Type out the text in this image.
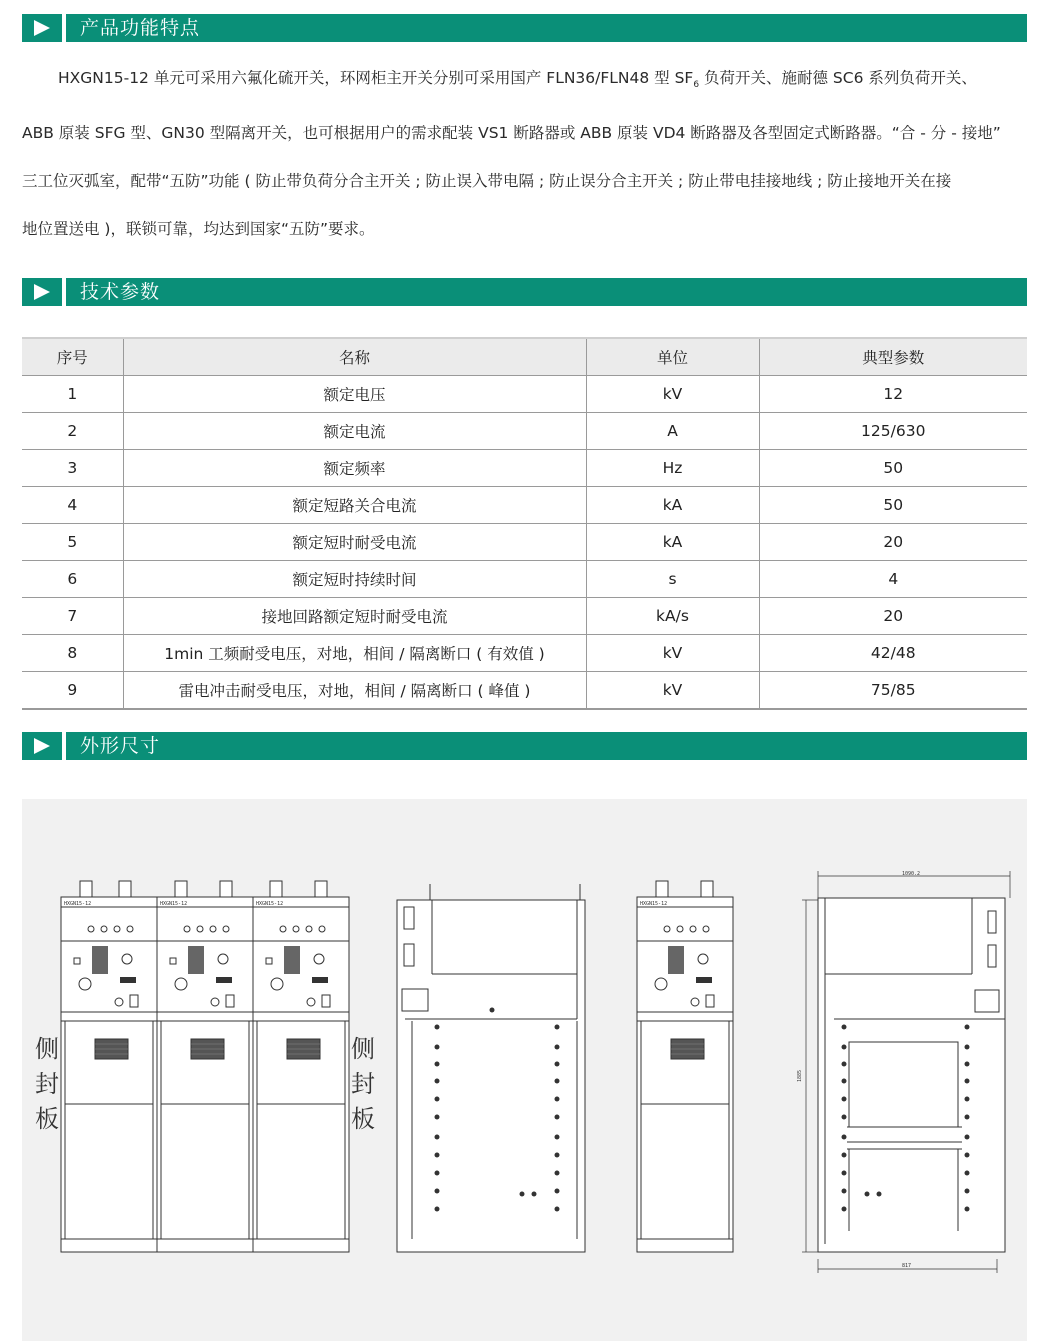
产品功能特点
HXGN15-12 单元可采用六氟化硫开关，环网柜主开关分别可采用国产 FLN36/FLN48 型 $SF_6$ 负荷开关、施耐德 SC6 系列负荷开关、
ABB 原装 SFG 型、GN30 型隔离开关，也可根据用户的需求配装 VS1 断路器或 ABB 原装 VD4 断路器及各型固定式断路器。“合 - 分 - 接地”
三工位灭弧室，配带“五防”功能 ( 防止带负荷分合主开关 ; 防止误入带电隔 ; 防止误分合主开关 ; 防止带电挂接地线 ; 防止接地开关在接
地位置送电 )，联锁可靠，均达到国家“五防”要求。
技术参数
序号	名称	单位	典型参数
1	额定电压	kV	12
2	额定电流	A	125/630
3	额定频率	Hz	50
4	额定短路关合电流	kA	50
5	额定短时耐受电流	kA	20
6	额定短时持续时间	s	4
7	接地回路额定短时耐受电流	kA/s	20
8	1min 工频耐受电压，对地，相间 / 隔离断口 ( 有效值 )	kV	42/48
9	雷电冲击耐受电压，对地，相间 / 隔离断口 ( 峰值 )	kV	75/85
外形尺寸
HXGN15-12	HXGN15-12	HXGN15-12	HXGN15-12
1090.2
1885
817
侧
封
板
侧
封
板
